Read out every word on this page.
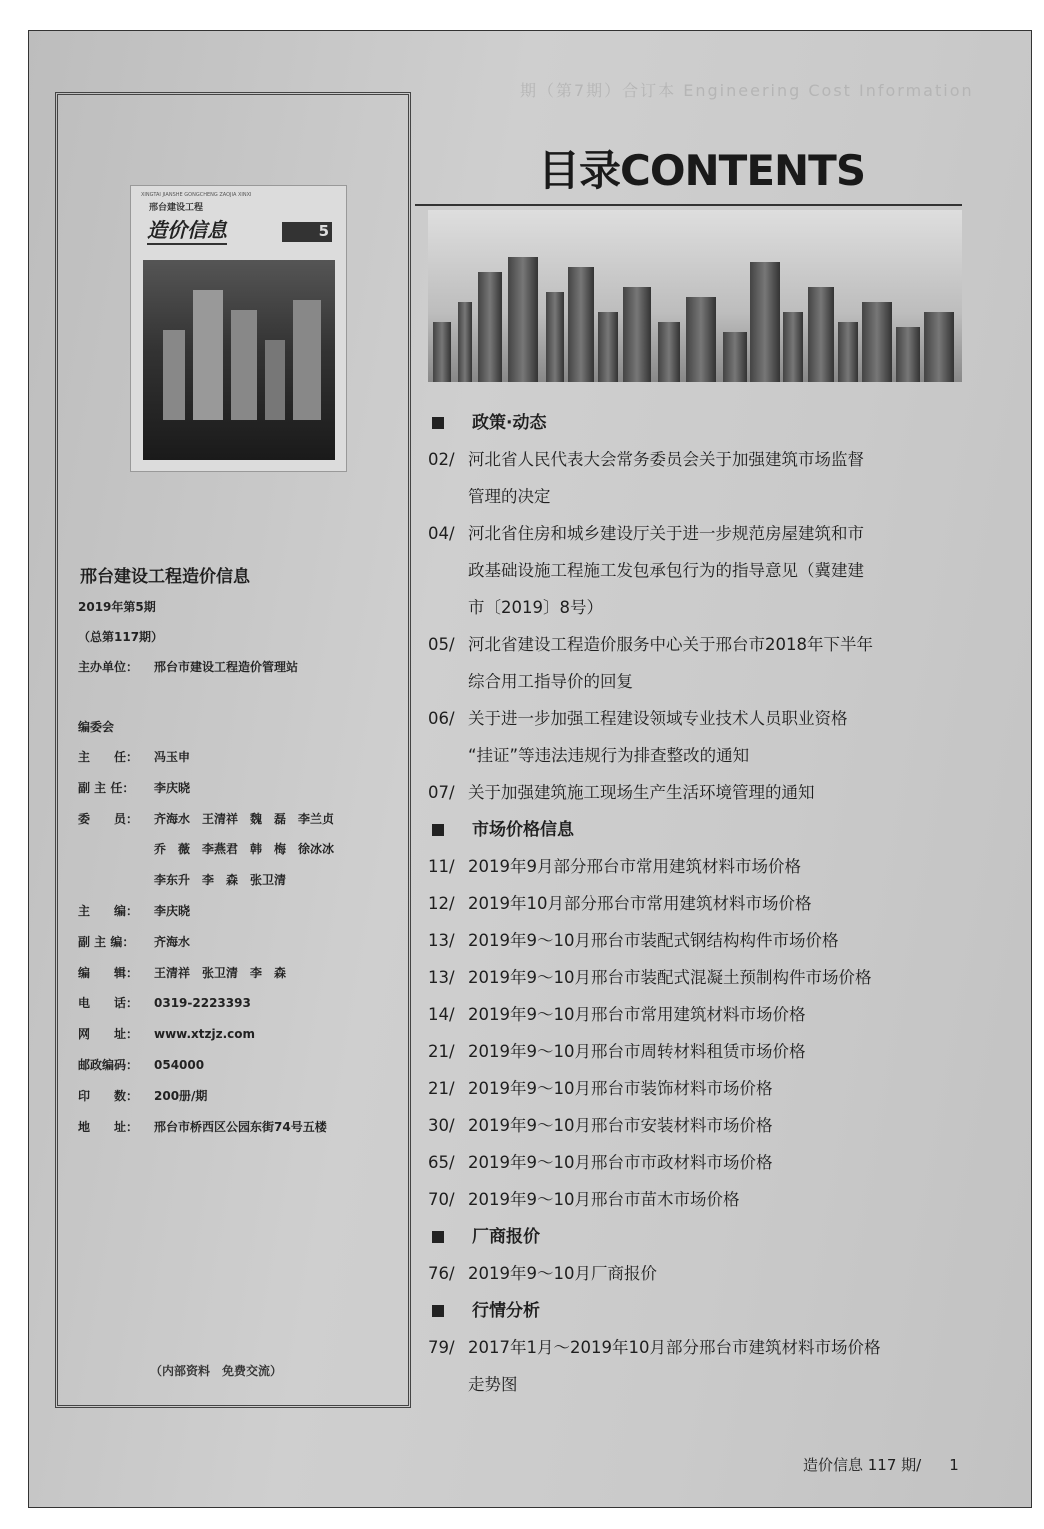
期（第7期）合订本 Engineering Cost Information
XINGTAI JIANSHE GONGCHENG ZAOJIA XINXI
邢台建设工程
造价信息	5
邢台建设工程造价信息
2019年第5期
（总第117期）
主办单位： 邢台市建设工程造价管理站
编委会
主　　任： 冯玉申
副 主 任： 李庆晓
委　　员： 齐海水　王清祥　魏　磊　李兰贞
乔　薇　李燕君　韩　梅　徐冰冰
李东升　李　森　张卫清
主　　编： 李庆晓
副 主 编： 齐海水
编　　辑： 王清祥　张卫清　李　森
电　　话： 0319-2223393
网　　址： www.xtzjz.com
邮政编码： 054000
印　　数： 200册/期
地　　址： 邢台市桥西区公园东街74号五楼
（内部资料　免费交流）
目录CONTENTS
政策·动态
02/ 河北省人民代表大会常务委员会关于加强建筑市场监督
管理的决定
04/ 河北省住房和城乡建设厅关于进一步规范房屋建筑和市
政基础设施工程施工发包承包行为的指导意见（冀建建
市〔2019〕8号）
05/ 河北省建设工程造价服务中心关于邢台市2018年下半年
综合用工指导价的回复
06/ 关于进一步加强工程建设领域专业技术人员职业资格
“挂证”等违法违规行为排查整改的通知
07/ 关于加强建筑施工现场生产生活环境管理的通知
市场价格信息
11/ 2019年9月部分邢台市常用建筑材料市场价格
12/ 2019年10月部分邢台市常用建筑材料市场价格
13/ 2019年9～10月邢台市装配式钢结构构件市场价格
13/ 2019年9～10月邢台市装配式混凝土预制构件市场价格
14/ 2019年9～10月邢台市常用建筑材料市场价格
21/ 2019年9～10月邢台市周转材料租赁市场价格
21/ 2019年9～10月邢台市装饰材料市场价格
30/ 2019年9～10月邢台市安装材料市场价格
65/ 2019年9～10月邢台市市政材料市场价格
70/ 2019年9～10月邢台市苗木市场价格
厂商报价
76/ 2019年9～10月厂商报价
行情分析
79/ 2017年1月～2019年10月部分邢台市建筑材料市场价格
走势图
造价信息 117 期/ 1
